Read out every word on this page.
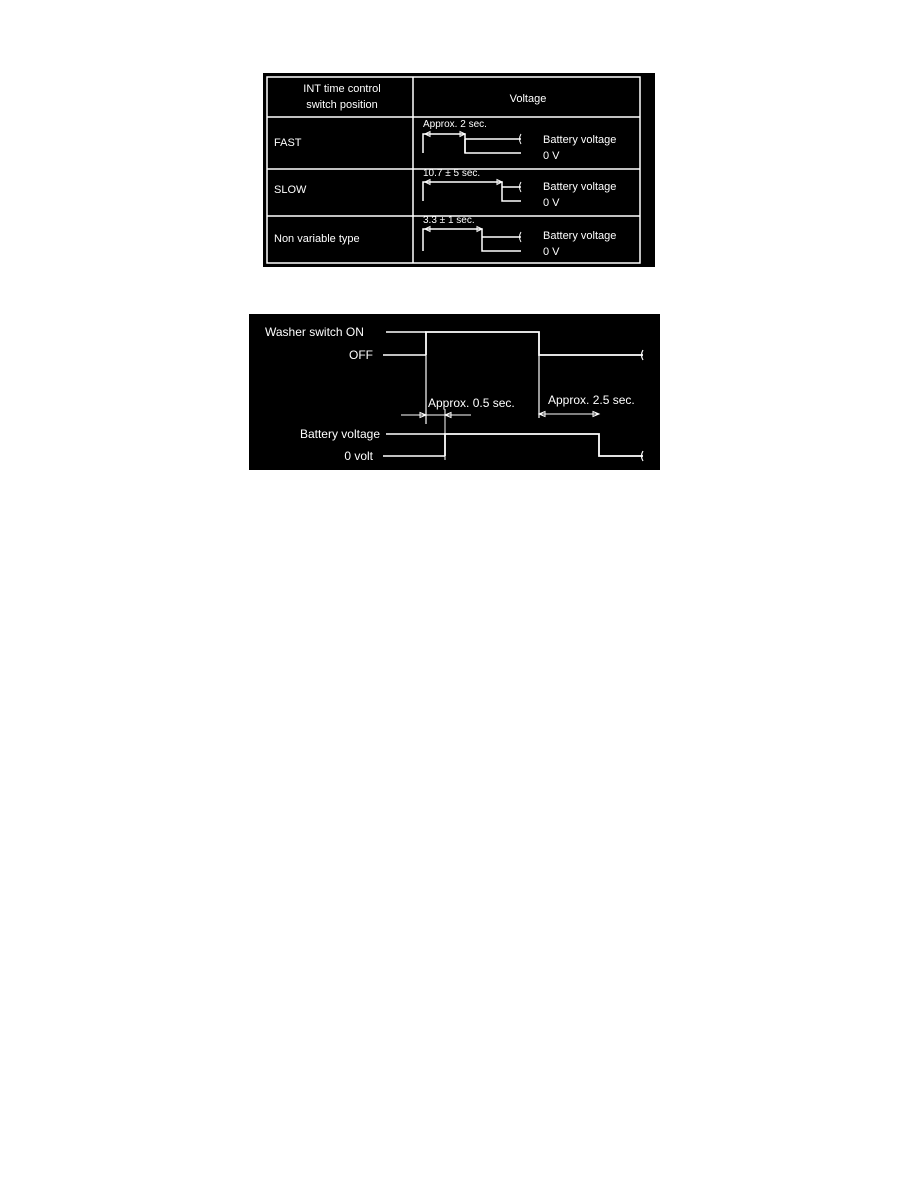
INT time control
switch position	Voltage
FAST
Approx. 2 sec.
Battery voltage
0 V
SLOW
10.7 ± 5 sec.
Battery voltage
0 V
Non variable type
3.3 ± 1 sec.
Battery voltage
0 V
Washer switch ON
OFF
Approx. 0.5 sec.	Approx. 2.5 sec.
Battery voltage
0 volt
